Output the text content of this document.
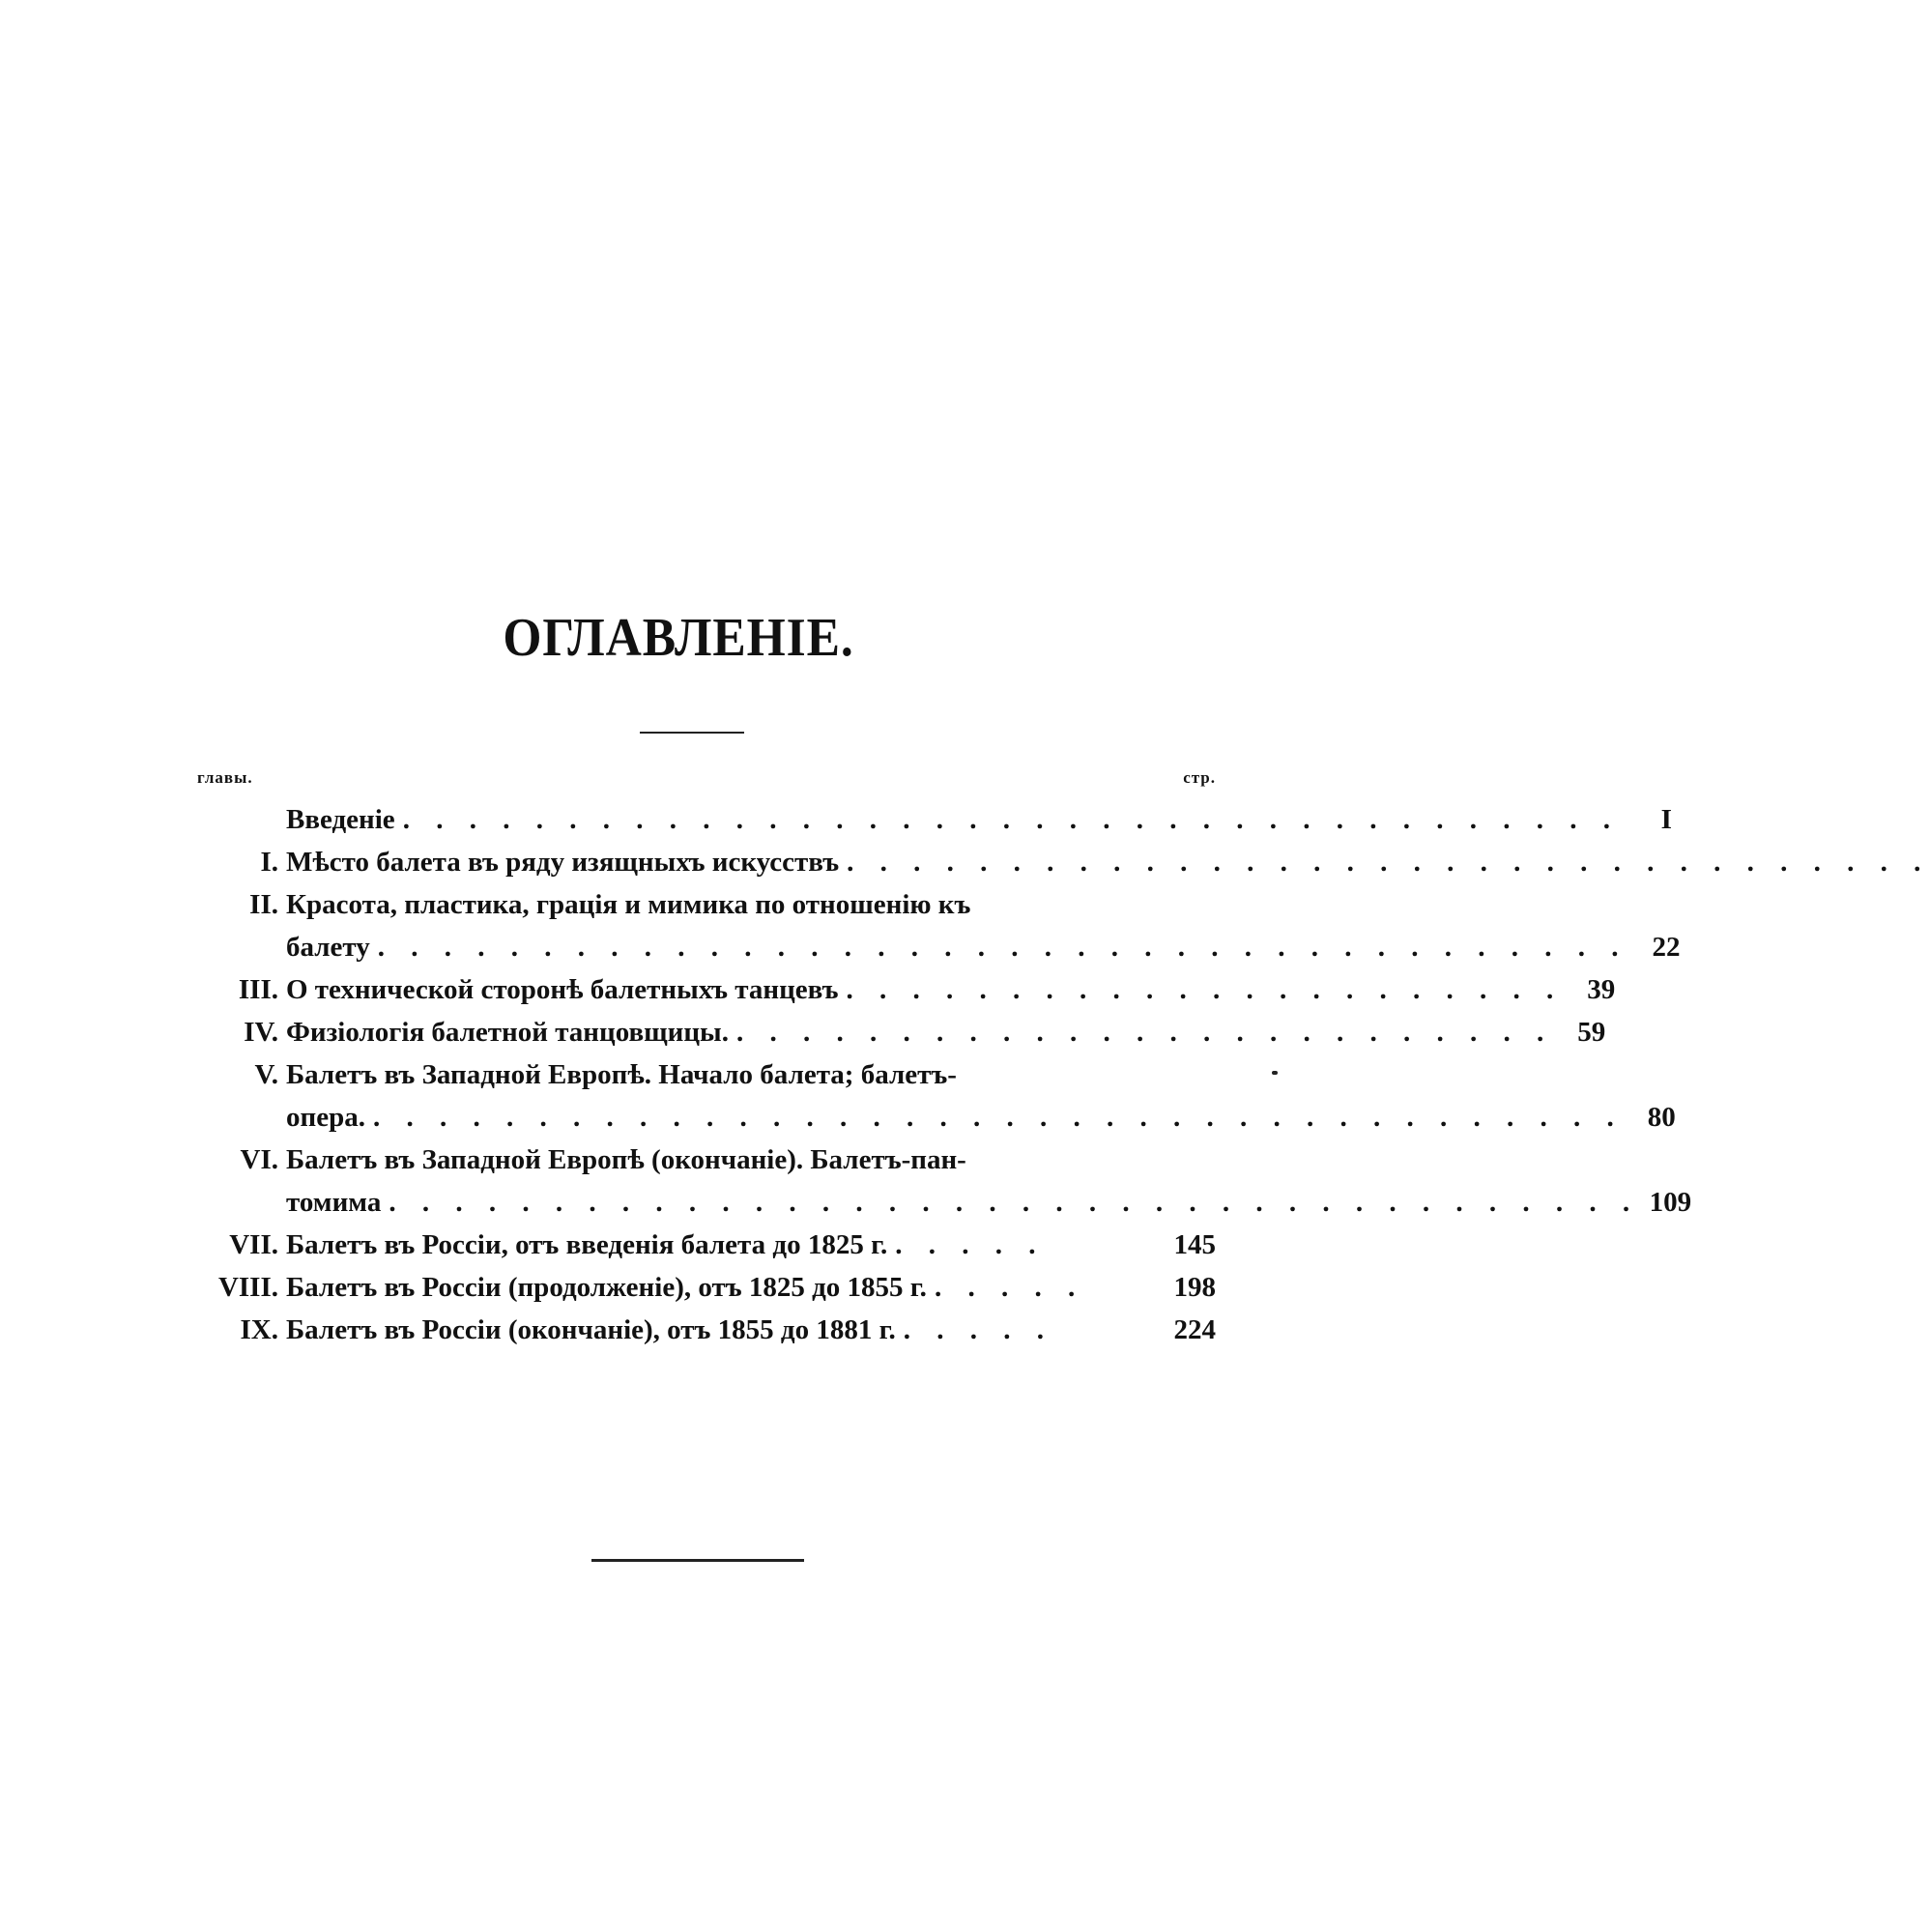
ОГЛАВЛЕНІЕ.
главы.	стр.
Введеніе . . . . . . . . . . . . . . . . . . . . . . . . . . . . . . . . . . . . .	I
I. Мѣсто балета въ ряду изящныхъ искусствъ . . . . . . . . . . . . . . . . . . . . . . . . . . . . . . . . .
II. Красота, пластика, грація и мимика по отношенію къ
балету . . . . . . . . . . . . . . . . . . . . . . . . . . . . . . . . . . . . . . 22
III. О технической сторонѣ балетныхъ танцевъ . . . . . . . . . . . . . . . . . . . . . . 39
IV. Физіологія балетной танцовщицы. . . . . . . . . . . . . . . . . . . . . . . . . . 59
V. Балетъ въ Западной Европѣ. Начало балета; балетъ-
опера. . . . . . . . . . . . . . . . . . . . . . . . . . . . . . . . . . . . . . . 80
VI. Балетъ въ Западной Европѣ (окончаніе). Балетъ-пан-
томима . . . . . . . . . . . . . . . . . . . . . . . . . . . . . . . . . . . . . . 109
VII. Балетъ въ Россіи, отъ введенія балета до 1825 г. . . . . .	145
VIII. Балетъ въ Россіи (продолженіе), отъ 1825 до 1855 г. . . . . .	198
IX. Балетъ въ Россіи (окончаніе), отъ 1855 до 1881 г. . . . . .	224
